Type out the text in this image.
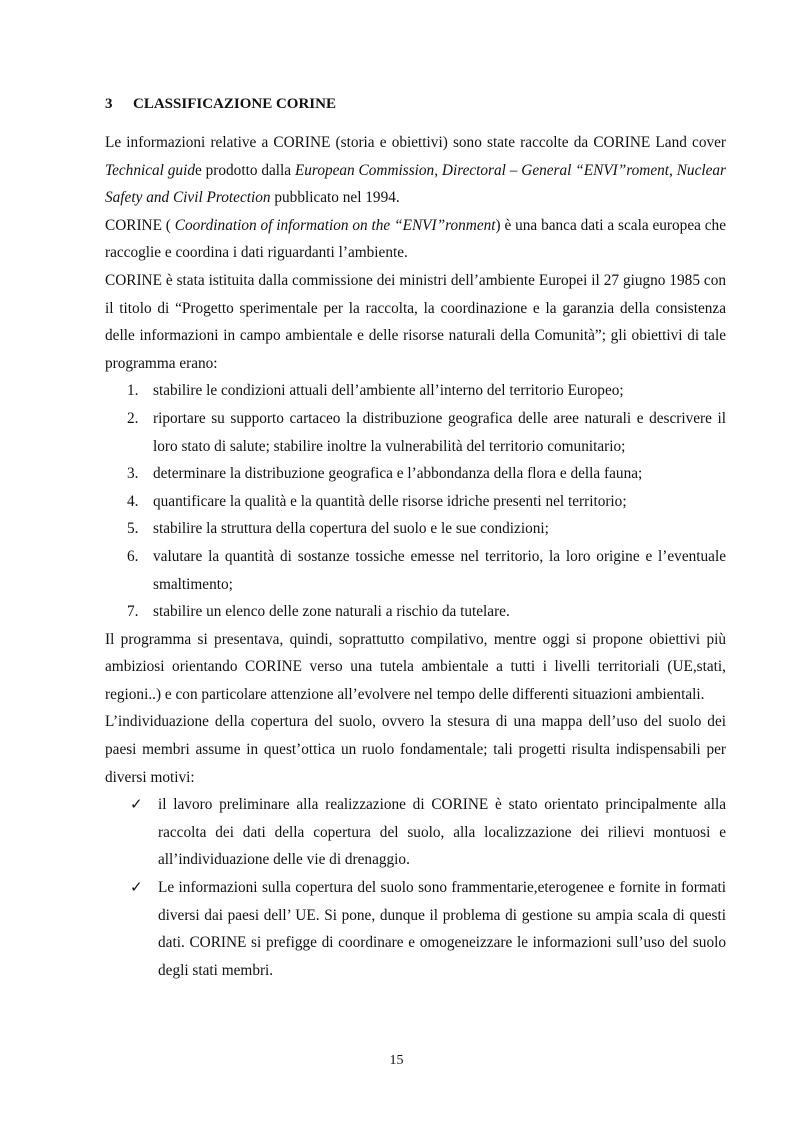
3 CLASSIFICAZIONE CORINE

Le informazioni relative a CORINE (storia e obiettivi) sono state raccolte da CORINE Land cover Technical guide prodotto dalla European Commission, Directoral – General “ENVI”roment, Nuclear Safety and Civil Protection pubblicato nel 1994.

CORINE ( Coordination of information on the “ENVI”ronment) è una banca dati a scala europea che raccoglie e coordina i dati riguardanti l’ambiente.

CORINE è stata istituita dalla commissione dei ministri dell’ambiente Europei il 27 giugno 1985 con il titolo di “Progetto sperimentale per la raccolta, la coordinazione e la garanzia della consistenza delle informazioni in campo ambientale e delle risorse naturali della Comunità”; gli obiettivi di tale programma erano:

1. stabilire le condizioni attuali dell’ambiente all’interno del territorio Europeo;
2. riportare su supporto cartaceo la distribuzione geografica delle aree naturali e descrivere il loro stato di salute; stabilire inoltre la vulnerabilità del territorio comunitario;
3. determinare la distribuzione geografica e l’abbondanza della flora e della fauna;
4. quantificare la qualità e la quantità delle risorse idriche presenti nel territorio;
5. stabilire la struttura della copertura del suolo e le sue condizioni;
6. valutare la quantità di sostanze tossiche emesse nel territorio, la loro origine e l’eventuale smaltimento;
7. stabilire un elenco delle zone naturali a rischio da tutelare.

Il programma si presentava, quindi, soprattutto compilativo, mentre oggi si propone obiettivi più ambiziosi orientando CORINE verso una tutela ambientale a tutti i livelli territoriali (UE,stati, regioni..) e con particolare attenzione all’evolvere nel tempo delle differenti situazioni ambientali.

L’individuazione della copertura del suolo, ovvero la stesura di una mappa dell’uso del suolo dei paesi membri assume in quest’ottica un ruolo fondamentale; tali progetti risulta indispensabili per diversi motivi:

✓ il lavoro preliminare alla realizzazione di CORINE è stato orientato principalmente alla raccolta dei dati della copertura del suolo, alla localizzazione dei rilievi montuosi e all’individuazione delle vie di drenaggio.
✓ Le informazioni sulla copertura del suolo sono frammentarie,eterogenee e fornite in formati diversi dai paesi dell’ UE. Si pone, dunque il problema di gestione su ampia scala di questi dati. CORINE si prefigge di coordinare e omogeneizzare le informazioni sull’uso del suolo degli stati membri.
15
